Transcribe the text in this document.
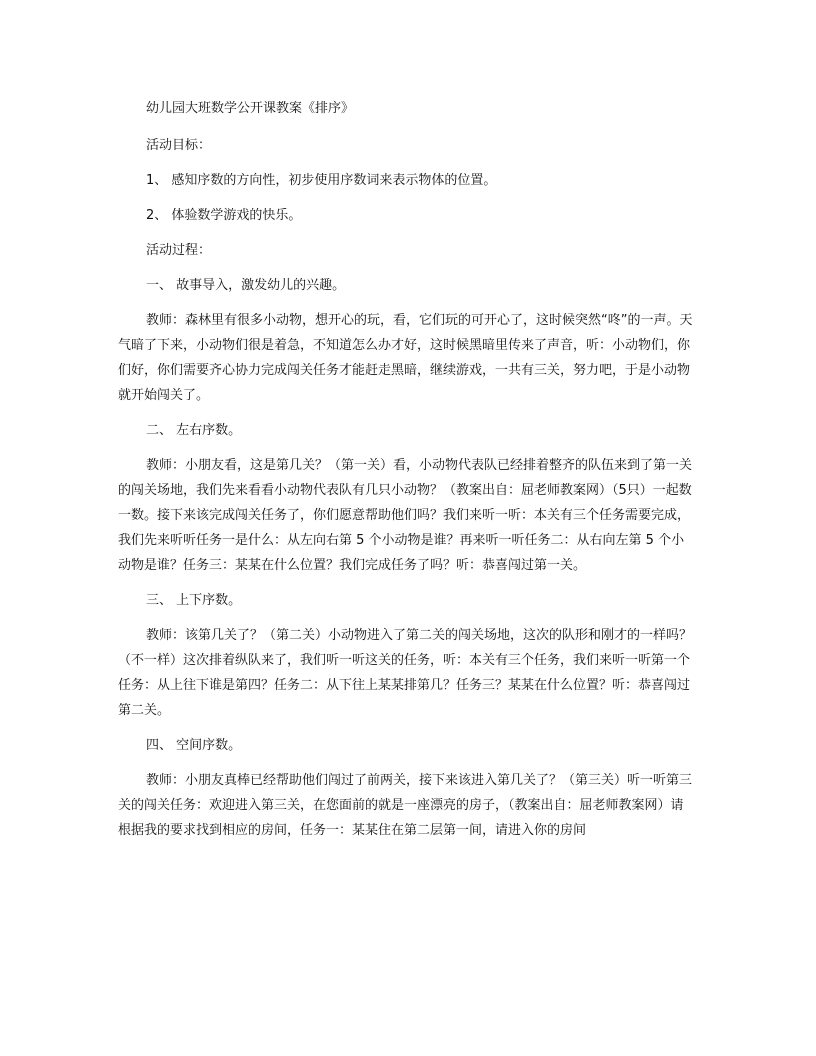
幼儿园大班数学公开课教案《排序》

活动目标：

1、 感知序数的方向性，初步使用序数词来表示物体的位置。

2、 体验数学游戏的快乐。

活动过程：

一、 故事导入，激发幼儿的兴趣。

教师：森林里有很多小动物，想开心的玩，看，它们玩的可开心了，这时候突然“咚”的一声。天气暗了下来，小动物们很是着急，不知道怎么办才好，这时候黑暗里传来了声音，听：小动物们，你们好，你们需要齐心协力完成闯关任务才能赶走黑暗，继续游戏，一共有三关，努力吧，于是小动物就开始闯关了。

二、 左右序数。

教师：小朋友看，这是第几关？（第一关）看，小动物代表队已经排着整齐的队伍来到了第一关的闯关场地，我们先来看看小动物代表队有几只小动物？（教案出自：屈老师教案网）（5只）一起数一数。接下来该完成闯关任务了，你们愿意帮助他们吗？我们来听一听：本关有三个任务需要完成，我们先来听听任务一是什么：从左向右第 5 个小动物是谁？再来听一听任务二：从右向左第 5 个小动物是谁？任务三：某某在什么位置？我们完成任务了吗？听：恭喜闯过第一关。

三、 上下序数。

教师：该第几关了？（第二关）小动物进入了第二关的闯关场地，这次的队形和刚才的一样吗？（不一样）这次排着纵队来了，我们听一听这关的任务，听：本关有三个任务，我们来听一听第一个任务：从上往下谁是第四？任务二：从下往上某某排第几？任务三？某某在什么位置？听：恭喜闯过第二关。

四、 空间序数。

教师：小朋友真棒已经帮助他们闯过了前两关，接下来该进入第几关了？（第三关）听一听第三关的闯关任务：欢迎进入第三关，在您面前的就是一座漂亮的房子，（教案出自：屈老师教案网）请根据我的要求找到相应的房间，任务一：某某住在第二层第一间，请进入你的房间
